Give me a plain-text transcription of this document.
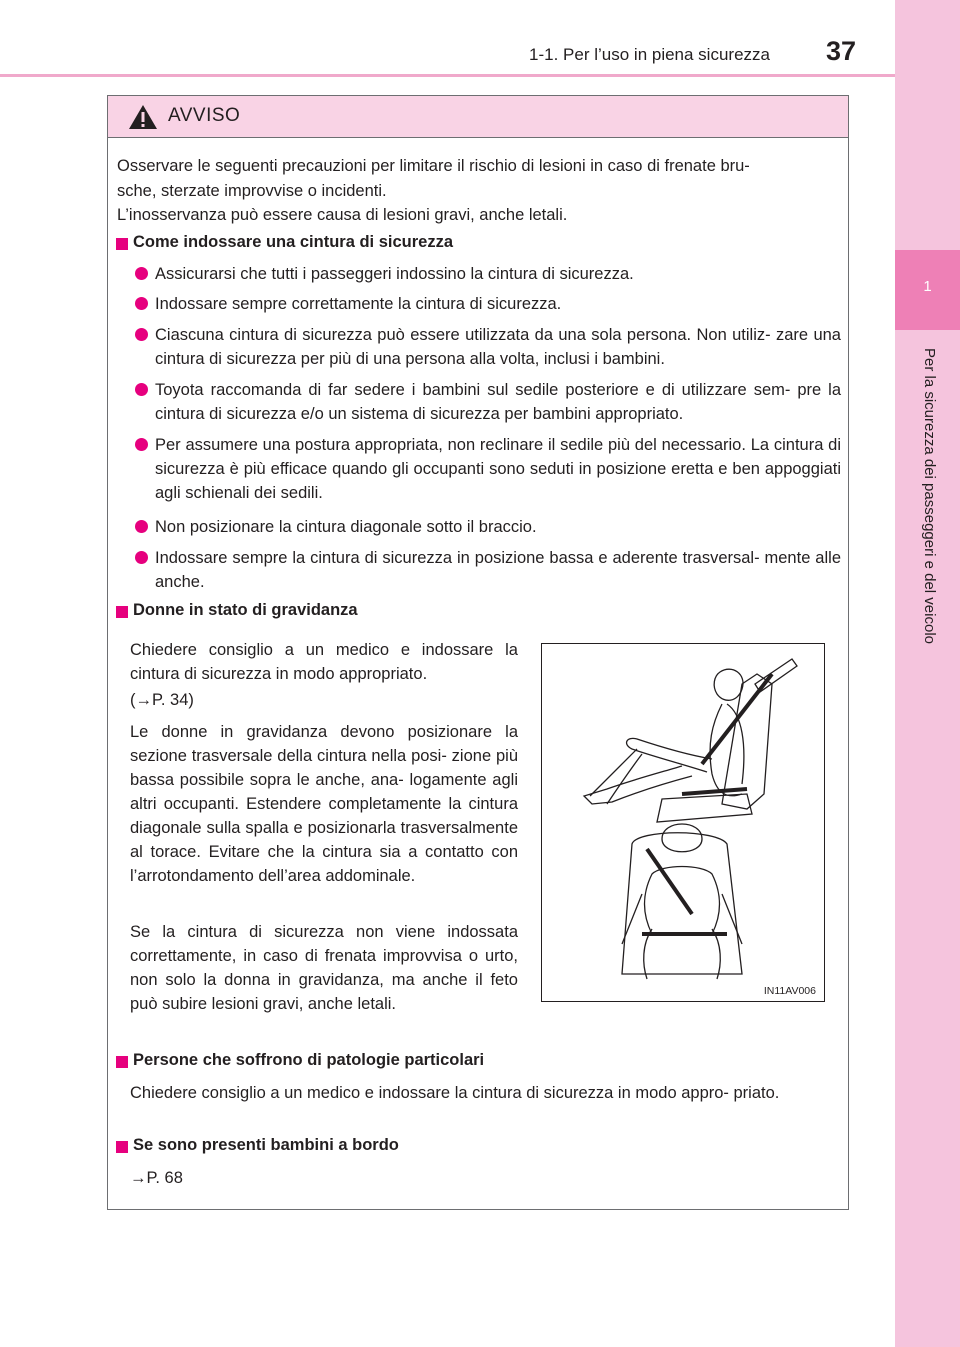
1
Per la sicurezza dei passeggeri e del veicolo
1-1. Per l’uso in piena sicurezza 37
AVVISO
Osservare le seguenti precauzioni per limitare il rischio di lesioni in caso di frenate bru-
sche, sterzate improvvise o incidenti.
L’inosservanza può essere causa di lesioni gravi, anche letali.
Come indossare una cintura di sicurezza
Assicurarsi che tutti i passeggeri indossino la cintura di sicurezza.
Indossare sempre correttamente la cintura di sicurezza.
Ciascuna cintura di sicurezza può essere utilizzata da una sola persona. Non utiliz- zare una cintura di sicurezza per più di una persona alla volta, inclusi i bambini.
Toyota raccomanda di far sedere i bambini sul sedile posteriore e di utilizzare sem- pre la cintura di sicurezza e/o un sistema di sicurezza per bambini appropriato.
Per assumere una postura appropriata, non reclinare il sedile più del necessario. La cintura di sicurezza è più efficace quando gli occupanti sono seduti in posizione eretta e ben appoggiati agli schienali dei sedili.
Non posizionare la cintura diagonale sotto il braccio.
Indossare sempre la cintura di sicurezza in posizione bassa e aderente trasversal- mente alle anche.
Donne in stato di gravidanza
Chiedere consiglio a un medico e indossare la cintura di sicurezza in modo appropriato.
(→P. 34)
Le donne in gravidanza devono posizionare la sezione trasversale della cintura nella posi- zione più bassa possibile sopra le anche, ana- logamente agli altri occupanti. Estendere completamente la cintura diagonale sulla spalla e posizionarla trasversalmente al torace. Evitare che la cintura sia a contatto con l’arrotondamento dell’area addominale.
Se la cintura di sicurezza non viene indossata correttamente, in caso di frenata improvvisa o urto, non solo la donna in gravidanza, ma anche il feto può subire lesioni gravi, anche letali.
IN11AV006
Persone che soffrono di patologie particolari
Chiedere consiglio a un medico e indossare la cintura di sicurezza in modo appro- priato.
Se sono presenti bambini a bordo
→P. 68
